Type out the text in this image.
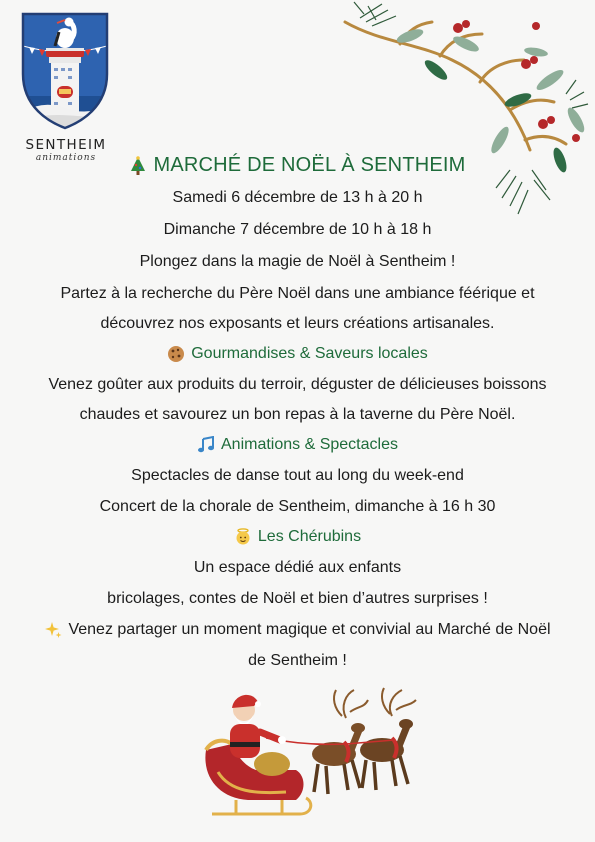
SENTHEIM
animations	MARCHÉ DE NOËL À SENTHEIM
Samedi 6 décembre de 13 h à 20 h
Dimanche 7 décembre de 10 h à 18 h
Plongez dans la magie de Noël à Sentheim !
Partez à la recherche du Père Noël dans une ambiance féérique et
découvrez nos exposants et leurs créations artisanales.
Gourmandises & Saveurs locales
Venez goûter aux produits du terroir, déguster de délicieuses boissons
chaudes et savourez un bon repas à la taverne du Père Noël.
Animations & Spectacles
Spectacles de danse tout au long du week-end
Concert de la chorale de Sentheim, dimanche à 16 h 30
Les Chérubins
Un espace dédié aux enfants
bricolages, contes de Noël et bien d’autres surprises !
Venez partager un moment magique et convivial au Marché de Noël
de Sentheim !
